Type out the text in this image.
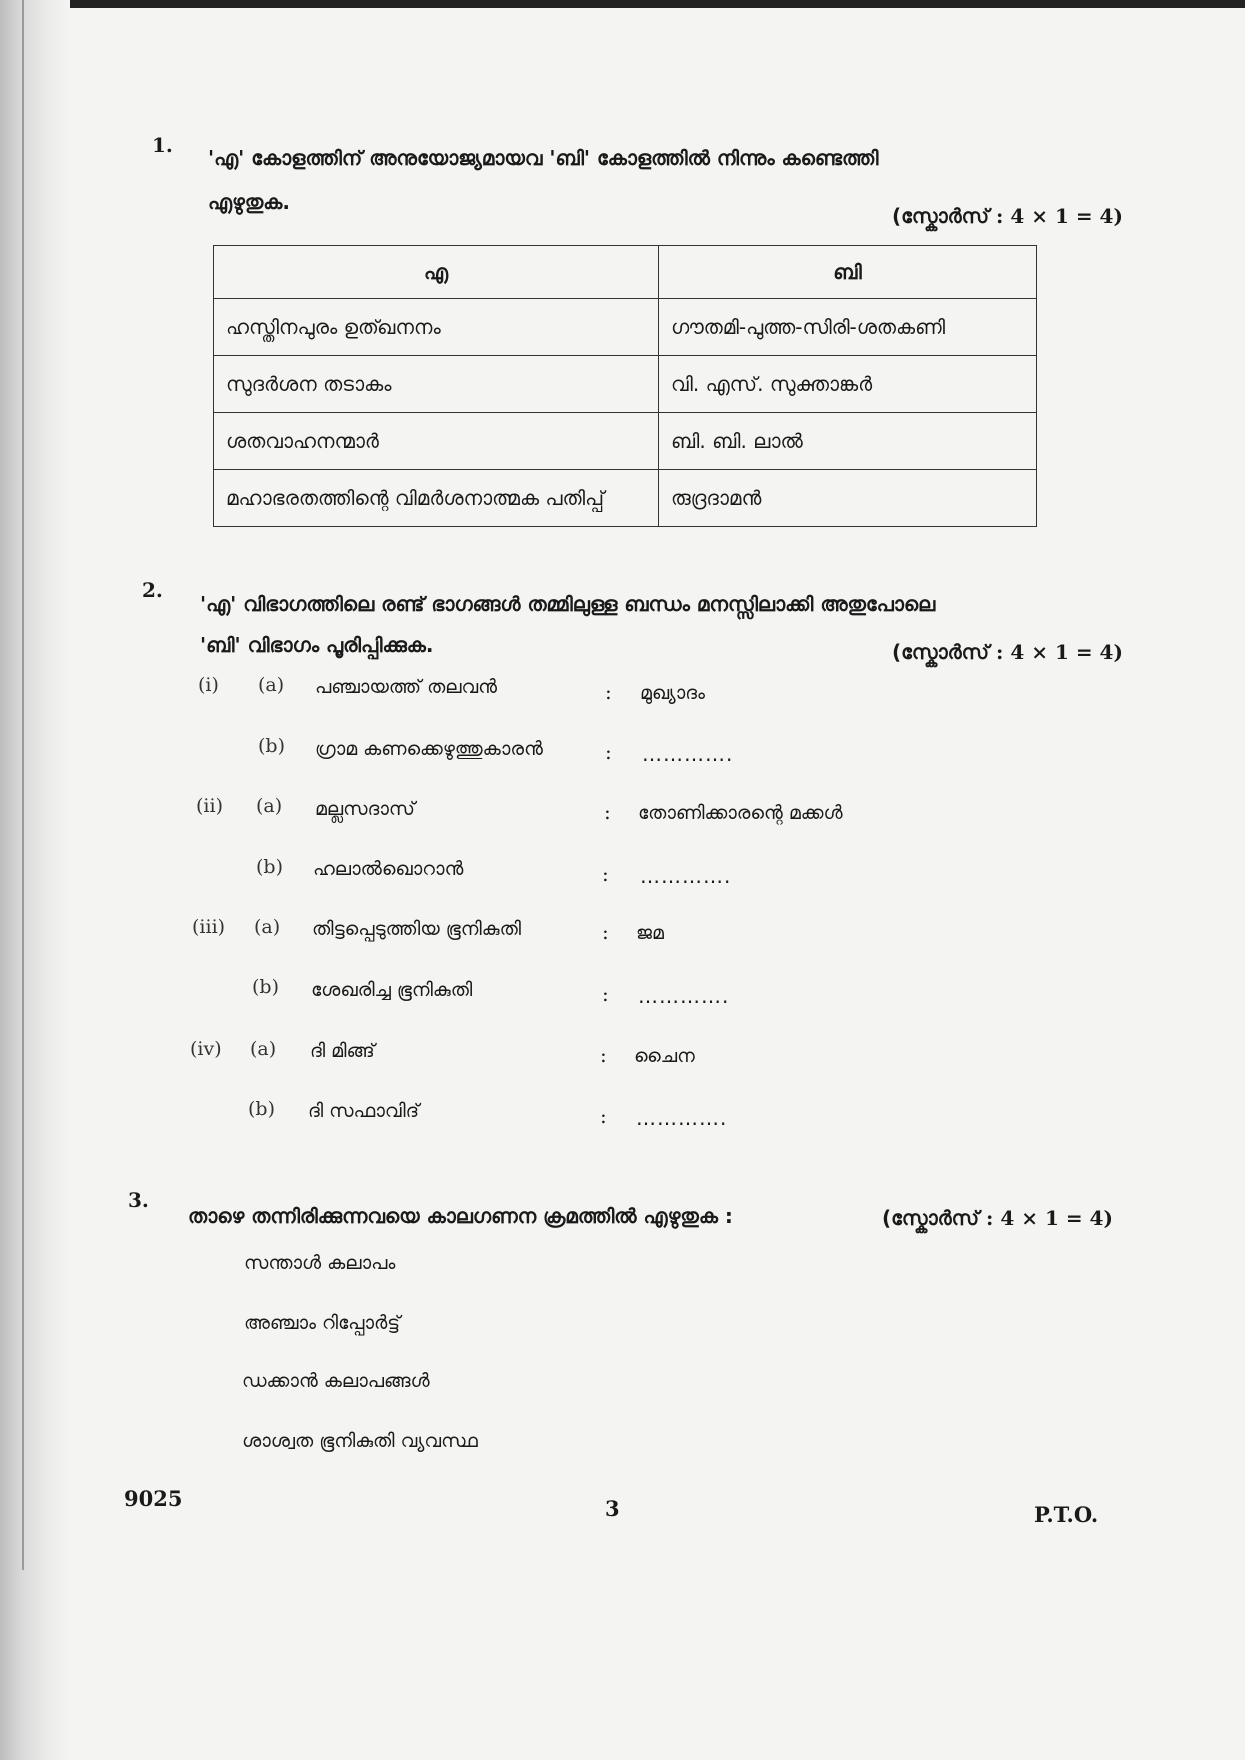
1.
'എ' കോളത്തിന് അനുയോജ്യമായവ 'ബി' കോളത്തിൽ നിന്നും കണ്ടെത്തി
എഴുതുക.
(സ്കോർസ് : 4 × 1 = 4)
എ	ബി
ഹസ്തിനപുരം ഉത്ഖനനം	ഗൗതമി-പുത്ത-സിരി-ശതകണി
സുദർശന തടാകം	വി. എസ്. സുക്താങ്കർ
ശതവാഹനന്മാർ	ബി. ബി. ലാൽ
മഹാഭരതത്തിന്റെ വിമർശനാത്മക പതിപ്പ്	രുദ്രദാമൻ
2.
'എ' വിഭാഗത്തിലെ രണ്ട് ഭാഗങ്ങൾ തമ്മിലുള്ള ബന്ധം മനസ്സിലാക്കി അതുപോലെ
'ബി' വിഭാഗം പൂരിപ്പിക്കുക.	(സ്കോർസ് : 4 × 1 = 4)
(i) (a) പഞ്ചായത്ത് തലവൻ	: മുഖ്യാദം
(b) ഗ്രാമ കണക്കെഴുത്തുകാരൻ	: ………….
(ii) (a) മല്ലസദാസ്	: തോണിക്കാരന്റെ മക്കൾ
(b) ഹലാൽഖൊറാൻ	: ………….
(iii) (a) തിട്ടപ്പെടുത്തിയ ഭൂനികുതി	: ജമ
(b) ശേഖരിച്ച ഭൂനികുതി	: ………….
(iv) (a) ദി മിങ്ങ്	: ചൈന
(b) ദി സഫാവിദ്	: ………….
3.
താഴെ തന്നിരിക്കുന്നവയെ കാലഗണന ക്രമത്തിൽ എഴുതുക :	(സ്കോർസ് : 4 × 1 = 4)
സന്താൾ കലാപം
അഞ്ചാം റിപ്പോർട്ട്
ഡക്കാൻ കലാപങ്ങൾ
ശാശ്വത ഭൂനികുതി വ്യവസ്ഥ
9025	3	P.T.O.
